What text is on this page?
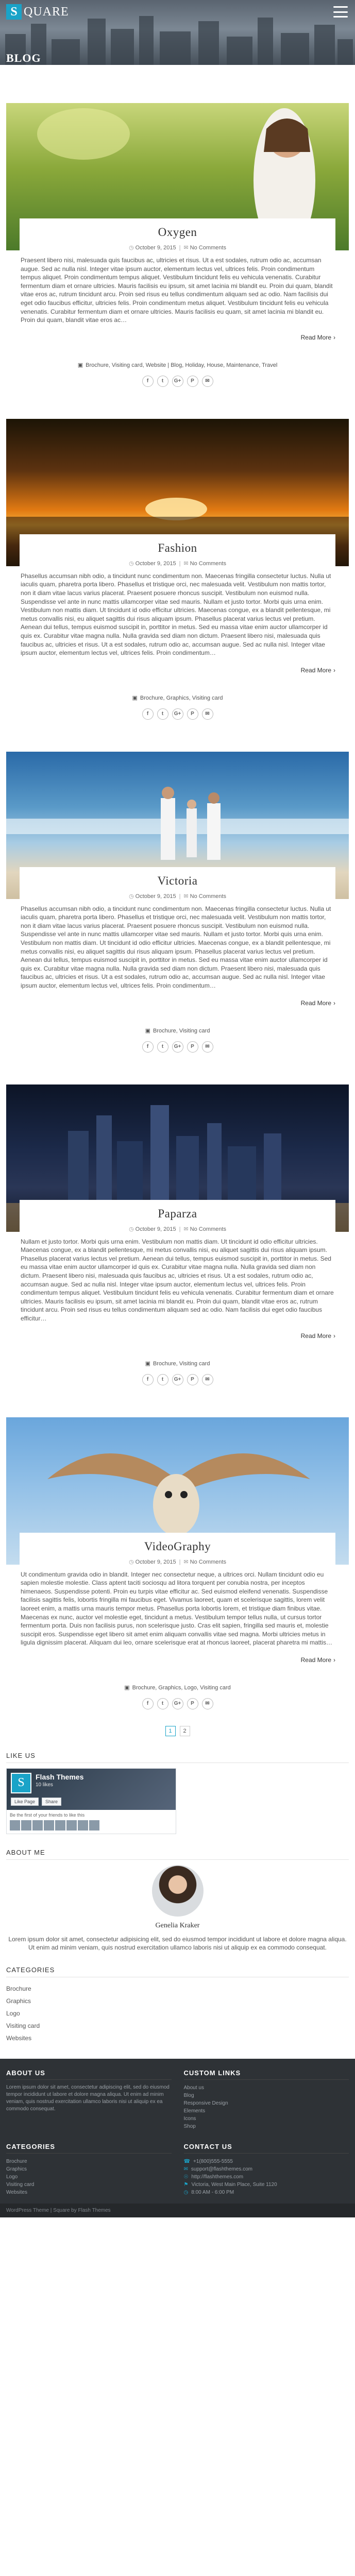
S QUARE
BLOG
Oxygen
◷ October 9, 2015 | ✉ No Comments

Praesent libero nisi, malesuada quis faucibus ac, ultricies et risus. Ut a est sodales, rutrum odio ac, accumsan augue. Sed ac nulla nisl. Integer vitae ipsum auctor, elementum lectus vel, ultrices felis. Proin condimentum tempus aliquet. Proin condimentum tempus aliquet. Vestibulum tincidunt felis eu vehicula venenatis. Curabitur fermentum diam et ornare ultricies. Mauris facilisis eu ipsum, sit amet lacinia mi blandit eu. Proin dui quam, blandit vitae eros ac, rutrum tincidunt arcu. Proin sed risus eu tellus condimentum aliquam sed ac odio. Nam facilisis dui eget odio faucibus efficitur, ultricies felis. Proin condimentum metus aliquet. Vestibulum tincidunt felis eu vehicula venenatis. Curabitur fermentum diam et ornare ultricies. Mauris facilisis eu quam, sit amet lacinia mi blandit eu. Proin dui quam, blandit vitae eros ac…

Read More ›
▣ Brochure, Visiting card, Website | Blog, Holiday, House, Maintenance, Travel
f	t	G+	P	✉
Fashion
◷ October 9, 2015 | ✉ No Comments

Phasellus accumsan nibh odio, a tincidunt nunc condimentum non. Maecenas fringilla consectetur luctus. Nulla ut iaculis quam, pharetra porta libero. Phasellus et tristique orci, nec malesuada velit. Vestibulum non mattis tortor, non it diam vitae lacus varius placerat. Praesent posuere rhoncus suscipit. Vestibulum non euismod nulla. Suspendisse vel ante in nunc mattis ullamcorper vitae sed mauris. Nullam et justo tortor. Morbi quis urna enim. Vestibulum non mattis diam. Ut tincidunt id odio efficitur ultricies. Maecenas congue, ex a blandit pellentesque, mi metus convallis nisi, eu aliquet sagittis dui risus aliquam ipsum. Phasellus placerat varius lectus vel pretium. Aenean dui tellus, tempus euismod suscipit in, porttitor in metus. Sed eu massa vitae enim auctor ullamcorper id quis ex. Curabitur vitae magna nulla. Nulla gravida sed diam non dictum. Praesent libero nisi, malesuada quis faucibus ac, ultricies et risus. Ut a est sodales, rutrum odio ac, accumsan augue. Sed ac nulla nisl. Integer vitae ipsum auctor, elementum lectus vel, ultrices felis. Proin condimentum…

Read More ›
▣ Brochure, Graphics, Visiting card
f	t	G+	P	✉
Victoria
◷ October 9, 2015 | ✉ No Comments

Phasellus accumsan nibh odio, a tincidunt nunc condimentum non. Maecenas fringilla consectetur luctus. Nulla ut iaculis quam, pharetra porta libero. Phasellus et tristique orci, nec malesuada velit. Vestibulum non mattis tortor, non it diam vitae lacus varius placerat. Praesent posuere rhoncus suscipit. Vestibulum non euismod nulla. Suspendisse vel ante in nunc mattis ullamcorper vitae sed mauris. Nullam et justo tortor. Morbi quis urna enim. Vestibulum non mattis diam. Ut tincidunt id odio efficitur ultricies. Maecenas congue, ex a blandit pellentesque, mi metus convallis nisi, eu aliquet sagittis dui risus aliquam ipsum. Phasellus placerat varius lectus vel pretium. Aenean dui tellus, tempus euismod suscipit in, porttitor in metus. Sed eu massa vitae enim auctor ullamcorper id quis ex. Curabitur vitae magna nulla. Nulla gravida sed diam non dictum. Praesent libero nisi, malesuada quis faucibus ac, ultricies et risus. Ut a est sodales, rutrum odio ac, accumsan augue. Sed ac nulla nisl. Integer vitae ipsum auctor, elementum lectus vel, ultrices felis. Proin condimentum…

Read More ›
▣ Brochure, Visiting card
f	t	G+	P	✉
Paparza
◷ October 9, 2015 | ✉ No Comments

Nullam et justo tortor. Morbi quis urna enim. Vestibulum non mattis diam. Ut tincidunt id odio efficitur ultricies. Maecenas congue, ex a blandit pellentesque, mi metus convallis nisi, eu aliquet sagittis dui risus aliquam ipsum. Phasellus placerat varius lectus vel pretium. Aenean dui tellus, tempus euismod suscipit in, porttitor in metus. Sed eu massa vitae enim auctor ullamcorper id quis ex. Curabitur vitae magna nulla. Nulla gravida sed diam non dictum. Praesent libero nisi, malesuada quis faucibus ac, ultricies et risus. Ut a est sodales, rutrum odio ac, accumsan augue. Sed ac nulla nisl. Integer vitae ipsum auctor, elementum lectus vel, ultrices felis. Proin condimentum tempus aliquet. Vestibulum tincidunt felis eu vehicula venenatis. Curabitur fermentum diam et ornare ultricies. Mauris facilisis eu ipsum, sit amet lacinia mi blandit eu. Proin dui quam, blandit vitae eros ac, rutrum tincidunt arcu. Proin sed risus eu tellus condimentum aliquam sed ac odio. Nam facilisis dui eget odio faucibus efficitur…

Read More ›
▣ Brochure, Visiting card
f	t	G+	P	✉
VideoGraphy
◷ October 9, 2015 | ✉ No Comments

Ut condimentum gravida odio in blandit. Integer nec consectetur neque, a ultrices orci. Nullam tincidunt odio eu sapien molestie molestie. Class aptent taciti sociosqu ad litora torquent per conubia nostra, per inceptos himenaeos. Suspendisse potenti. Proin eu turpis vitae efficitur ac. Sed euismod eleifend venenatis. Suspendisse facilisis sagittis felis, lobortis fringilla mi faucibus eget. Vivamus laoreet, quam et scelerisque sagittis, lorem velit laoreet enim, a mattis urna mauris tempor metus. Phasellus porta lobortis lorem, et tristique diam finibus vitae. Maecenas ex nunc, auctor vel molestie eget, tincidunt a metus. Vestibulum tempor tellus nulla, ut cursus tortor fermentum porta. Duis non facilisis purus, non scelerisque justo. Cras elit sapien, fringilla sed mauris et, molestie suscipit eros. Suspendisse eget libero sit amet enim aliquam convallis vitae sed magna. Morbi ultricies metus in ligula dignissim placerat. Aliquam dui leo, ornare scelerisque erat at rhoncus laoreet, placerat pharetra mi mattis…

Read More ›
▣ Brochure, Graphics, Logo, Visiting card
f	t	G+	P	✉
1	2
LIKE US
S	Flash Themes
10 likes
Like Page	Share
Be the first of your friends to like this
ABOUT ME
Genelia Kraker

Lorem ipsum dolor sit amet, consectetur adipisicing elit, sed do eiusmod tempor incididunt ut labore et dolore magna aliqua. Ut enim ad minim veniam, quis nostrud exercitation ullamco laboris nisi ut aliquip ex ea commodo consequat.

CATEGORIES
Brochure
Graphics
Logo
Visiting card
Websites
ABOUT US

Lorem ipsum dolor sit amet, consectetur adipiscing elit, sed do eiusmod tempor incididunt ut labore et dolore magna aliqua. Ut enim ad minim veniam, quis nostrud exercitation ullamco laboris nisi ut aliquip ex ea commodo consequat.

CUSTOM LINKS
About us
Blog
Responsive Design
Elements
Icons
Shop
CATEGORIES
Brochure
Graphics
Logo
Visiting card
Websites
CONTACT US
☎ +1(800)555-5555
✉ support@flashthemes.com
☉ http://flashthemes.com
⚑ Victoria, West Main Place, Suite 1120
◷ 8:00 AM - 6:00 PM
WordPress Theme | Square by Flash Themes
